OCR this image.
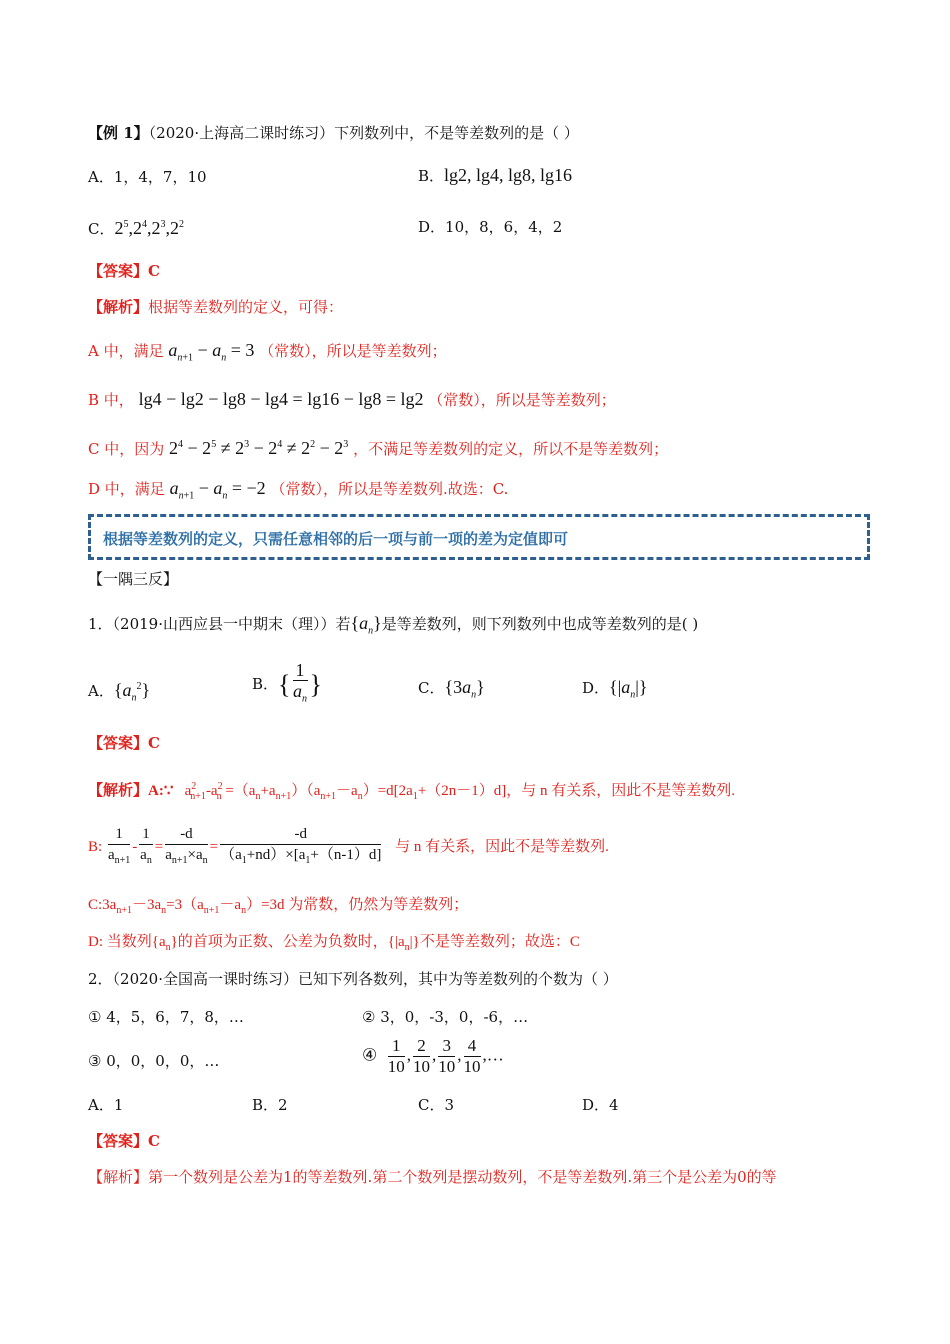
【例 1】（2020·上海高二课时练习）下列数列中，不是等差数列的是（ ）
A．1，4，7，10	B．lg2, lg4, lg8, lg16
C．$2^5,2^4,2^3,2^2$	D．10，8，6，4，2
【答案】C
【解析】根据等差数列的定义，可得：
A 中，满足 $a_{n+1} - a_n = 3$ （常数），所以是等差数列；
B 中， lg4 − lg2 − lg8 − lg4 = lg16 − lg8 = lg2 （常数），所以是等差数列；
C 中，因为 $2^4 - 2^5 \ne 2^3 - 2^4 \ne 2^2 - 2^3$ ，不满足等差数列的定义，所以不是等差数列；
D 中，满足 $a_{n+1} - a_n = -2$ （常数），所以是等差数列.故选：C.
根据等差数列的定义，只需任意相邻的后一项与前一项的差为定值即可
【一隅三反】
1．（2019·山西应县一中期末（理））若$\{a_n\}$是等差数列，则下列数列中也成等差数列的是( )
A．$\{a_n^2\}$	B．{ $\frac{1}{a_n}$ }	C．$\{3a_n\}$	D．$\{|a_n|\}$
【答案】C
【解析】A:∵   $a^2_{n+1}-a^2_n =(a_n+a_{n+1})(a_{n+1}-a_n)=d[2a_1+(2n-1)d]$，与 n 有关系，因此不是等差数列.
B: $\frac{1}{a_{n+1}} - \frac{1}{a_n} = \frac{-d}{a_{n+1}\times a_n} = \frac{-d}{(a_1+nd)\times[a_1+(n-1)d]}$ 与 n 有关系，因此不是等差数列.
$C:3a_{n+1}-3a_n=3(a_{n+1}-a_n)=3d$ 为常数，仍然为等差数列；
D: 当数列$\{a_n\}$的首项为正数、公差为负数时，$\{|a_n|\}$不是等差数列；故选：C
2．（2020·全国高一课时练习）已知下列各数列，其中为等差数列的个数为（ ）
① 4，5，6，7，8，…	② 3，0，-3，0，-6，…
③ 0，0，0，0，…	④ $\frac{1}{10}$ , $\frac{2}{10}$ , $\frac{3}{10}$ , $\frac{4}{10}$ ,…
A．1	B．2	C．3	D．4
【答案】C
【解析】第一个数列是公差为1的等差数列.第二个数列是摆动数列，不是等差数列.第三个是公差为0的等
